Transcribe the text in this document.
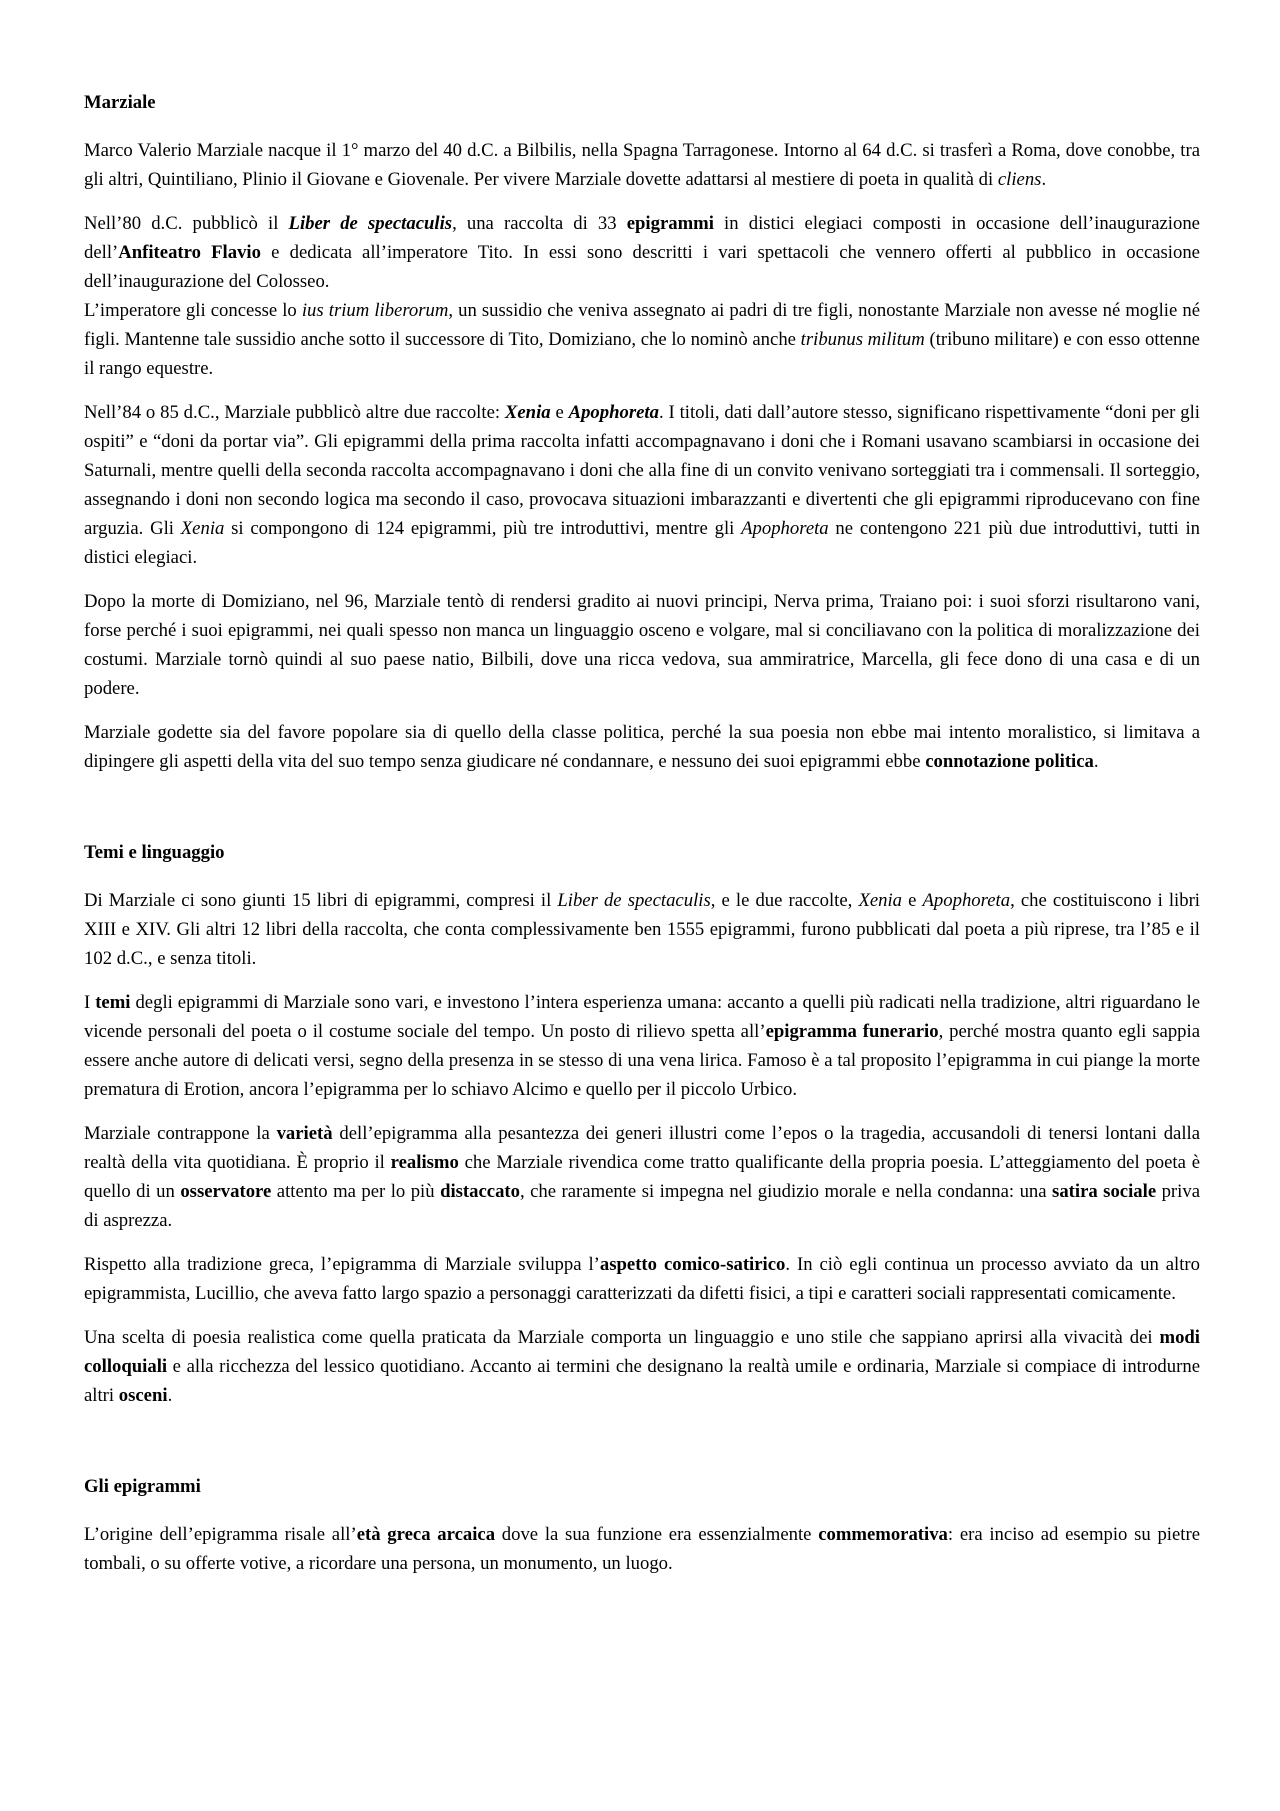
Marziale

Marco Valerio Marziale nacque il 1° marzo del 40 d.C. a Bilbilis, nella Spagna Tarragonese. Intorno al 64 d.C. si trasferì a Roma, dove conobbe, tra gli altri, Quintiliano, Plinio il Giovane e Giovenale. Per vivere Marziale dovette adattarsi al mestiere di poeta in qualità di cliens.

Nell’80 d.C. pubblicò il Liber de spectaculis, una raccolta di 33 epigrammi in distici elegiaci composti in occasione dell’inaugurazione dell’Anfiteatro Flavio e dedicata all’imperatore Tito. In essi sono descritti i vari spettacoli che vennero offerti al pubblico in occasione dell’inaugurazione del Colosseo.
L’imperatore gli concesse lo ius trium liberorum, un sussidio che veniva assegnato ai padri di tre figli, nonostante Marziale non avesse né moglie né figli. Mantenne tale sussidio anche sotto il successore di Tito, Domiziano, che lo nominò anche tribunus militum (tribuno militare) e con esso ottenne il rango equestre.

Nell’84 o 85 d.C., Marziale pubblicò altre due raccolte: Xenia e Apophoreta. I titoli, dati dall’autore stesso, significano rispettivamente “doni per gli ospiti” e “doni da portar via”. Gli epigrammi della prima raccolta infatti accompagnavano i doni che i Romani usavano scambiarsi in occasione dei Saturnali, mentre quelli della seconda raccolta accompagnavano i doni che alla fine di un convito venivano sorteggiati tra i commensali. Il sorteggio, assegnando i doni non secondo logica ma secondo il caso, provocava situazioni imbarazzanti e divertenti che gli epigrammi riproducevano con fine arguzia. Gli Xenia si compongono di 124 epigrammi, più tre introduttivi, mentre gli Apophoreta ne contengono 221 più due introduttivi, tutti in distici elegiaci.

Dopo la morte di Domiziano, nel 96, Marziale tentò di rendersi gradito ai nuovi principi, Nerva prima, Traiano poi: i suoi sforzi risultarono vani, forse perché i suoi epigrammi, nei quali spesso non manca un linguaggio osceno e volgare, mal si conciliavano con la politica di moralizzazione dei costumi. Marziale tornò quindi al suo paese natio, Bilbili, dove una ricca vedova, sua ammiratrice, Marcella, gli fece dono di una casa e di un podere.

Marziale godette sia del favore popolare sia di quello della classe politica, perché la sua poesia non ebbe mai intento moralistico, si limitava a dipingere gli aspetti della vita del suo tempo senza giudicare né condannare, e nessuno dei suoi epigrammi ebbe connotazione politica.

Temi e linguaggio

Di Marziale ci sono giunti 15 libri di epigrammi, compresi il Liber de spectaculis, e le due raccolte, Xenia e Apophoreta, che costituiscono i libri XIII e XIV. Gli altri 12 libri della raccolta, che conta complessivamente ben 1555 epigrammi, furono pubblicati dal poeta a più riprese, tra l’85 e il 102 d.C., e senza titoli.

I temi degli epigrammi di Marziale sono vari, e investono l’intera esperienza umana: accanto a quelli più radicati nella tradizione, altri riguardano le vicende personali del poeta o il costume sociale del tempo. Un posto di rilievo spetta all’epigramma funerario, perché mostra quanto egli sappia essere anche autore di delicati versi, segno della presenza in se stesso di una vena lirica. Famoso è a tal proposito l’epigramma in cui piange la morte prematura di Erotion, ancora l’epigramma per lo schiavo Alcimo e quello per il piccolo Urbico.

Marziale contrappone la varietà dell’epigramma alla pesantezza dei generi illustri come l’epos o la tragedia, accusandoli di tenersi lontani dalla realtà della vita quotidiana. È proprio il realismo che Marziale rivendica come tratto qualificante della propria poesia. L’atteggiamento del poeta è quello di un osservatore attento ma per lo più distaccato, che raramente si impegna nel giudizio morale e nella condanna: una satira sociale priva di asprezza.

Rispetto alla tradizione greca, l’epigramma di Marziale sviluppa l’aspetto comico-satirico. In ciò egli continua un processo avviato da un altro epigrammista, Lucillio, che aveva fatto largo spazio a personaggi caratterizzati da difetti fisici, a tipi e caratteri sociali rappresentati comicamente.

Una scelta di poesia realistica come quella praticata da Marziale comporta un linguaggio e uno stile che sappiano aprirsi alla vivacità dei modi colloquiali e alla ricchezza del lessico quotidiano. Accanto ai termini che designano la realtà umile e ordinaria, Marziale si compiace di introdurne altri osceni.

Gli epigrammi

L’origine dell’epigramma risale all’età greca arcaica dove la sua funzione era essenzialmente commemorativa: era inciso ad esempio su pietre tombali, o su offerte votive, a ricordare una persona, un monumento, un luogo.
